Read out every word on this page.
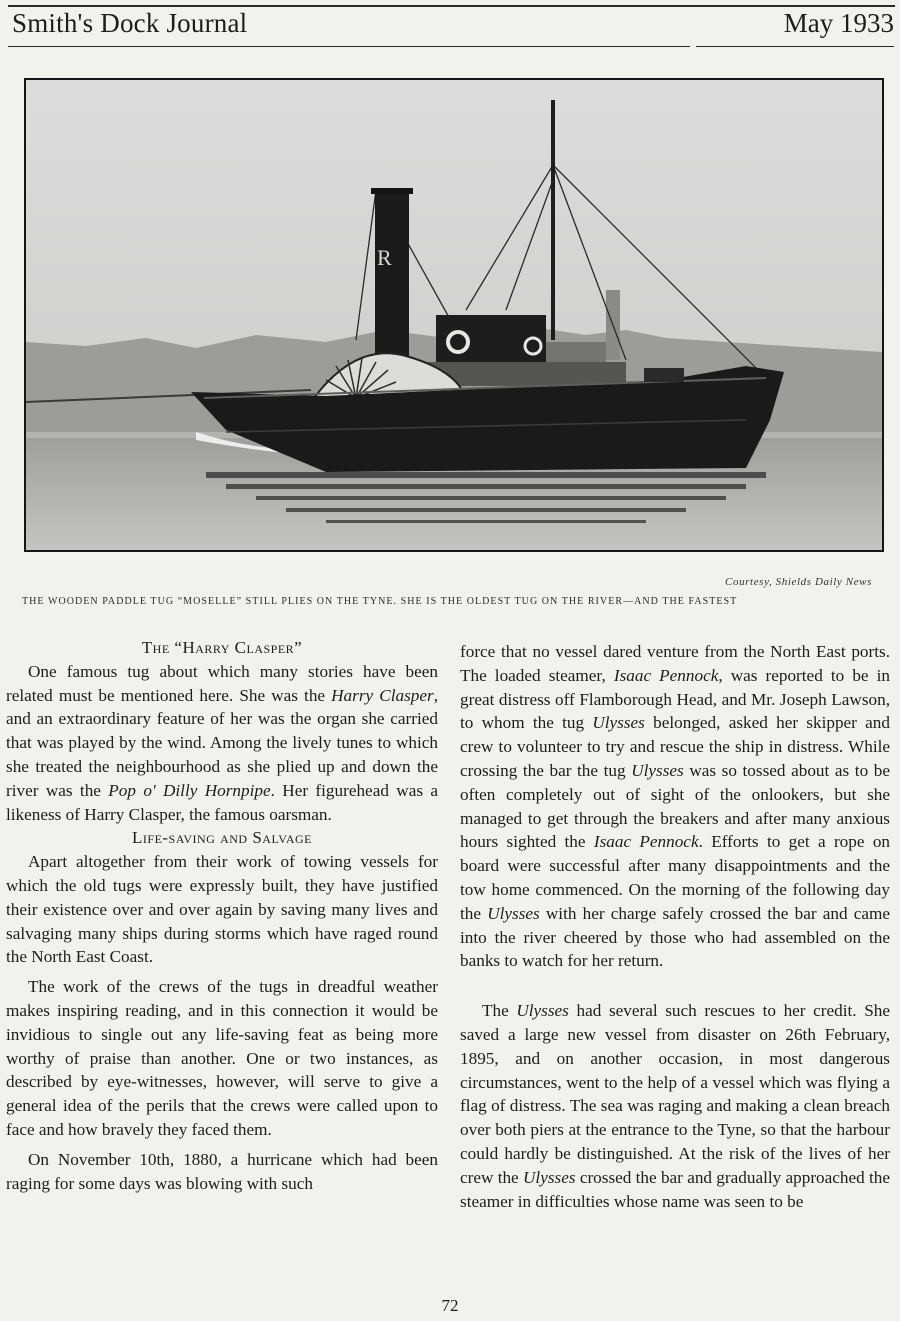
Smith's Dock Journal	May 1933
R
Courtesy, Shields Daily News
THE WOODEN PADDLE TUG “MOSELLE” STILL PLIES ON THE TYNE. SHE IS THE OLDEST TUG ON THE RIVER—AND THE FASTEST

The “Harry Clasper”

One famous tug about which many stories have been related must be mentioned here. She was the Harry Clasper, and an extraordinary feature of her was the organ she carried that was played by the wind. Among the lively tunes to which she treated the neighbourhood as she plied up and down the river was the Pop o' Dilly Hornpipe. Her figurehead was a likeness of Harry Clasper, the famous oarsman.

Life-saving and Salvage

Apart altogether from their work of towing vessels for which the old tugs were expressly built, they have justified their existence over and over again by saving many lives and salvaging many ships during storms which have raged round the North East Coast.

The work of the crews of the tugs in dreadful weather makes inspiring reading, and in this connection it would be invidious to single out any life-saving feat as being more worthy of praise than another. One or two instances, as described by eye-witnesses, however, will serve to give a general idea of the perils that the crews were called upon to face and how bravely they faced them.

On November 10th, 1880, a hurricane which had been raging for some days was blowing with such

force that no vessel dared venture from the North East ports. The loaded steamer, Isaac Pennock, was reported to be in great distress off Flamborough Head, and Mr. Joseph Lawson, to whom the tug Ulysses belonged, asked her skipper and crew to volunteer to try and rescue the ship in distress. While crossing the bar the tug Ulysses was so tossed about as to be often completely out of sight of the onlookers, but she managed to get through the breakers and after many anxious hours sighted the Isaac Pennock. Efforts to get a rope on board were successful after many disappointments and the tow home commenced. On the morning of the following day the Ulysses with her charge safely crossed the bar and came into the river cheered by those who had assembled on the banks to watch for her return.

The Ulysses had several such rescues to her credit. She saved a large new vessel from disaster on 26th February, 1895, and on another occasion, in most dangerous circumstances, went to the help of a vessel which was flying a flag of distress. The sea was raging and making a clean breach over both piers at the entrance to the Tyne, so that the harbour could hardly be distinguished. At the risk of the lives of her crew the Ulysses crossed the bar and gradually approached the steamer in difficulties whose name was seen to be

72
